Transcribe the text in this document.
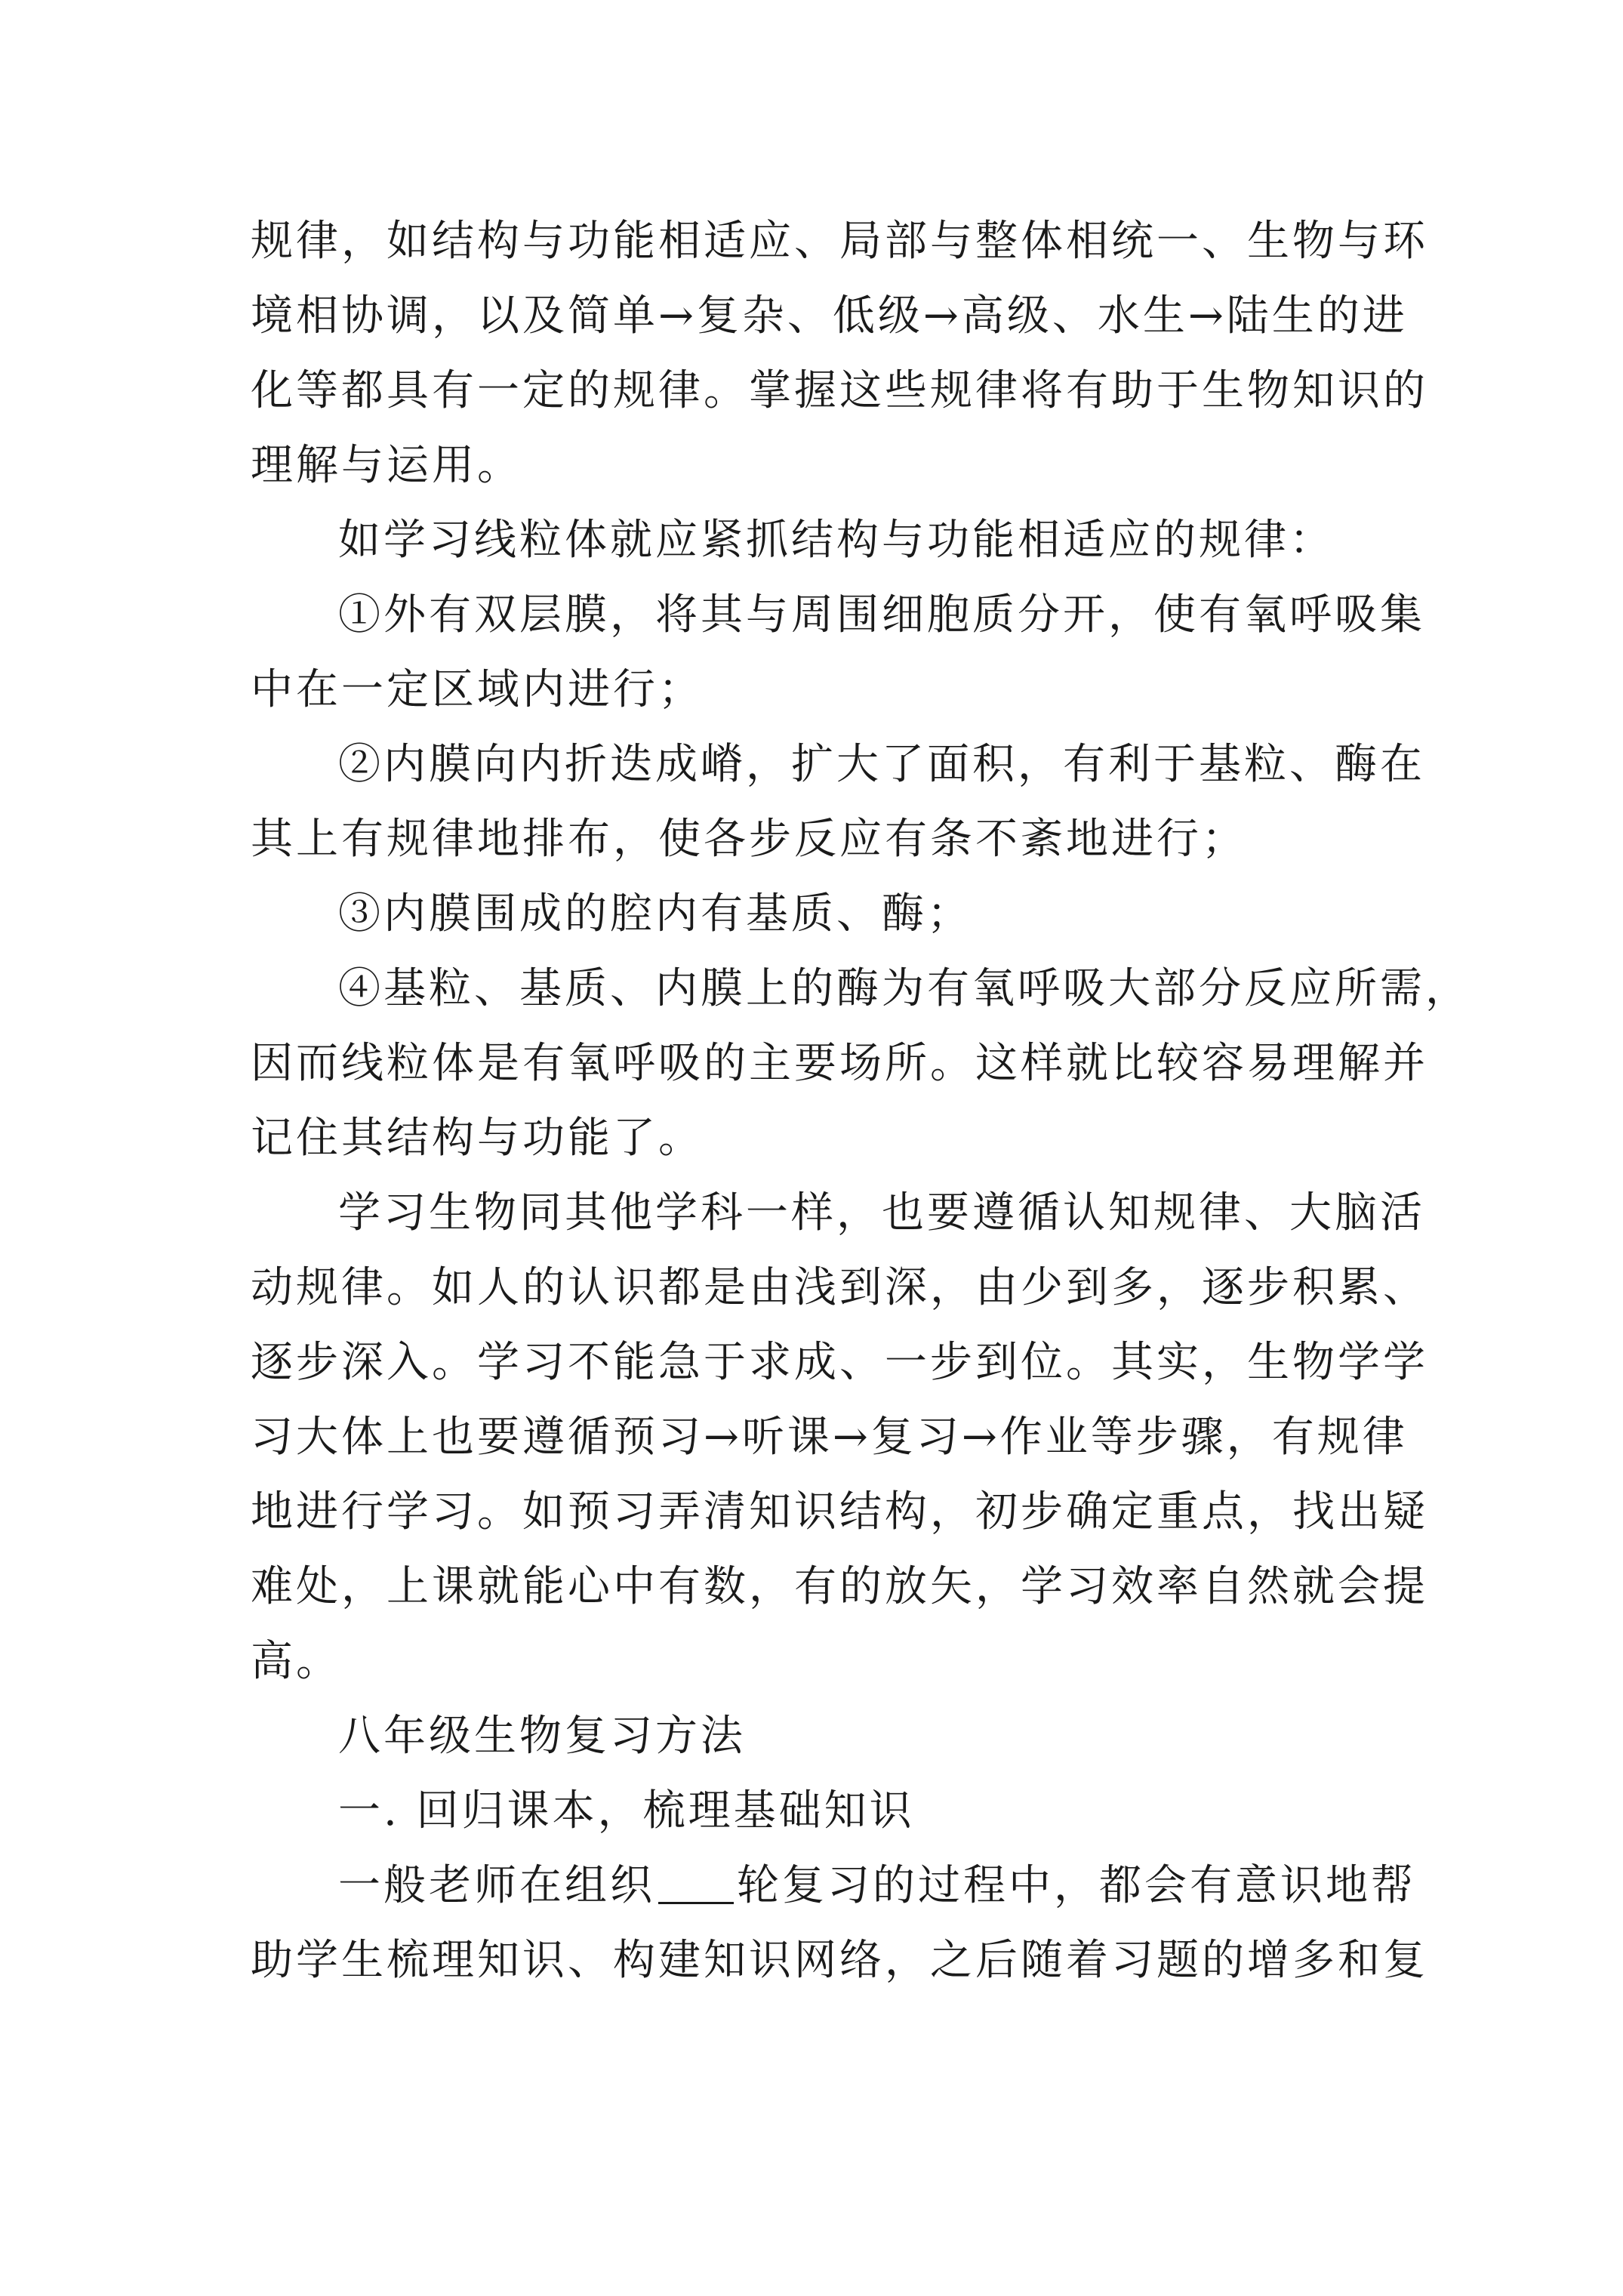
规律，如结构与功能相适应、局部与整体相统一、生物与环
境相协调，以及简单→复杂、低级→高级、水生→陆生的进
化等都具有一定的规律。掌握这些规律将有助于生物知识的
理解与运用。
如学习线粒体就应紧抓结构与功能相适应的规律：
①外有双层膜，将其与周围细胞质分开，使有氧呼吸集
中在一定区域内进行；
②内膜向内折迭成嵴，扩大了面积，有利于基粒、酶在
其上有规律地排布，使各步反应有条不紊地进行；
③内膜围成的腔内有基质、酶；
④基粒、基质、内膜上的酶为有氧呼吸大部分反应所需，
因而线粒体是有氧呼吸的主要场所。这样就比较容易理解并
记住其结构与功能了。
学习生物同其他学科一样，也要遵循认知规律、大脑活
动规律。如人的认识都是由浅到深，由少到多，逐步积累、
逐步深入。学习不能急于求成、一步到位。其实，生物学学
习大体上也要遵循预习→听课→复习→作业等步骤，有规律
地进行学习。如预习弄清知识结构，初步确定重点，找出疑
难处，上课就能心中有数，有的放矢，学习效率自然就会提
高。
八年级生物复习方法
一. 回归课本，梳理基础知识
一般老师在组织 轮复习的过程中，都会有意识地帮
助学生梳理知识、构建知识网络，之后随着习题的增多和复
